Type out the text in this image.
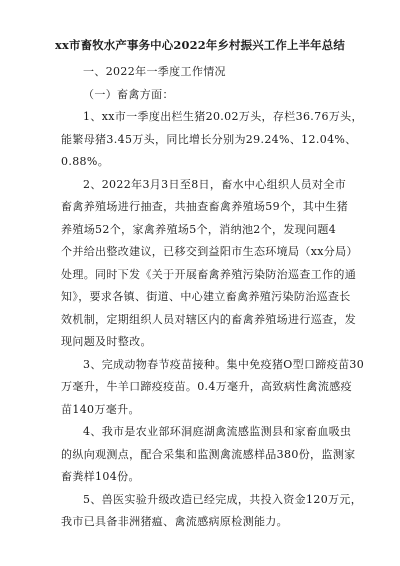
xx市畜牧水产事务中心2022年乡村振兴工作上半年总结
一、2022年一季度工作情况
（一）畜禽方面：
1、xx市一季度出栏生猪20.02万头，存栏36.76万头，
能繁母猪3.45万头，同比增长分别为29.24%、12.04%、
0.88%。
2、2022年3月3日至8日，畜水中心组织人员对全市
畜禽养殖场进行抽查，共抽查畜禽养殖场59个，其中生猪
养殖场52个，家禽养殖场5个，消纳池2个，发现问题4
个并给出整改建议，已移交到益阳市生态环境局（xx分局）
处理。同时下发《关于开展畜禽养殖污染防治巡查工作的通
知》，要求各镇、街道、中心建立畜禽养殖污染防治巡查长
效机制，定期组织人员对辖区内的畜禽养殖场进行巡查，发
现问题及时整改。
3、完成动物春节疫苗接种。集中免疫猪O型口蹄疫苗30
万毫升，牛羊口蹄疫疫苗。0.4万毫升，高致病性禽流感疫
苗140万毫升。
4、我市是农业部环洞庭湖禽流感监测县和家畜血吸虫
的纵向观测点，配合采集和监测禽流感样品380份，监测家
畜粪样104份。
5、兽医实验升级改造已经完成，共投入资金120万元，
我市已具备非洲猪瘟、禽流感病原检测能力。
